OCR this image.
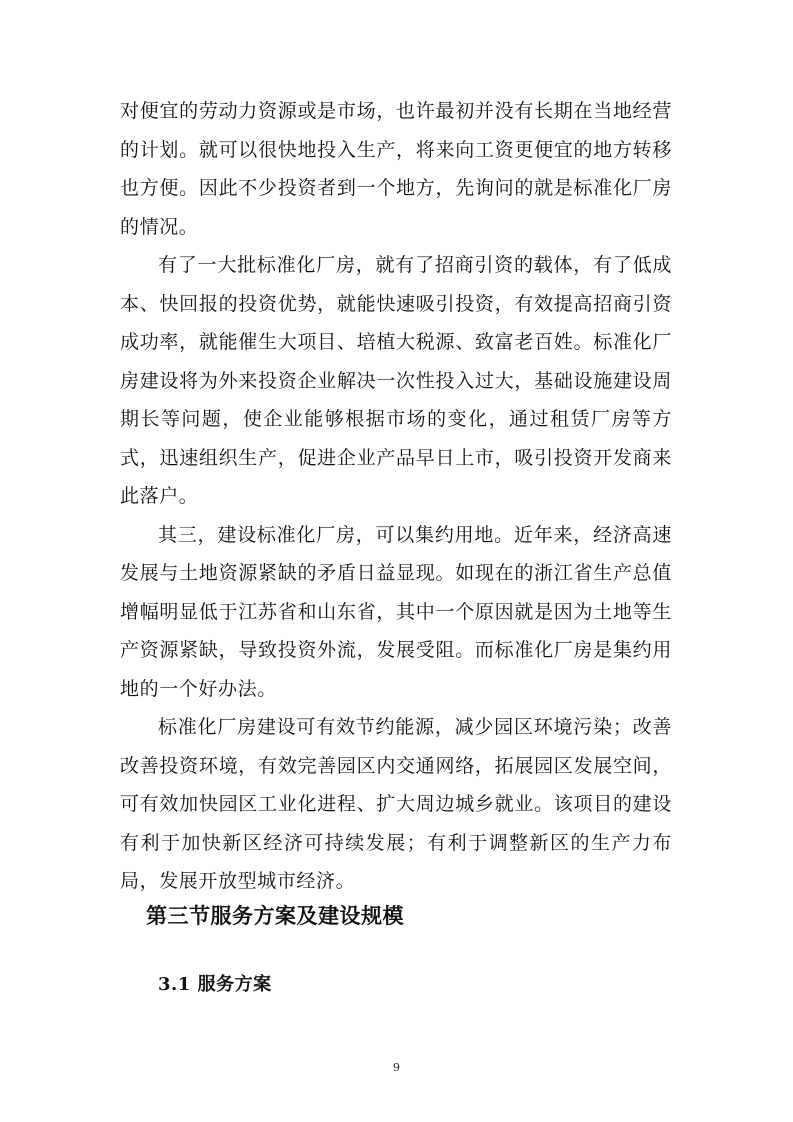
对便宜的劳动力资源或是市场，也许最初并没有长期在当地经营的计划。就可以很快地投入生产，将来向工资更便宜的地方转移也方便。因此不少投资者到一个地方，先询问的就是标准化厂房的情况。

有了一大批标准化厂房，就有了招商引资的载体，有了低成本、快回报的投资优势，就能快速吸引投资，有效提高招商引资成功率，就能催生大项目、培植大税源、致富老百姓。标准化厂房建设将为外来投资企业解决一次性投入过大，基础设施建设周期长等问题，使企业能够根据市场的变化，通过租赁厂房等方式，迅速组织生产，促进企业产品早日上市，吸引投资开发商来此落户。

其三，建设标准化厂房，可以集约用地。近年来，经济高速发展与土地资源紧缺的矛盾日益显现。如现在的浙江省生产总值增幅明显低于江苏省和山东省，其中一个原因就是因为土地等生产资源紧缺，导致投资外流，发展受阻。而标准化厂房是集约用地的一个好办法。

标准化厂房建设可有效节约能源，减少园区环境污染；改善改善投资环境，有效完善园区内交通网络，拓展园区发展空间，可有效加快园区工业化进程、扩大周边城乡就业。该项目的建设有利于加快新区经济可持续发展；有利于调整新区的生产力布局，发展开放型城市经济。

第三节服务方案及建设规模
3.1 服务方案
9
